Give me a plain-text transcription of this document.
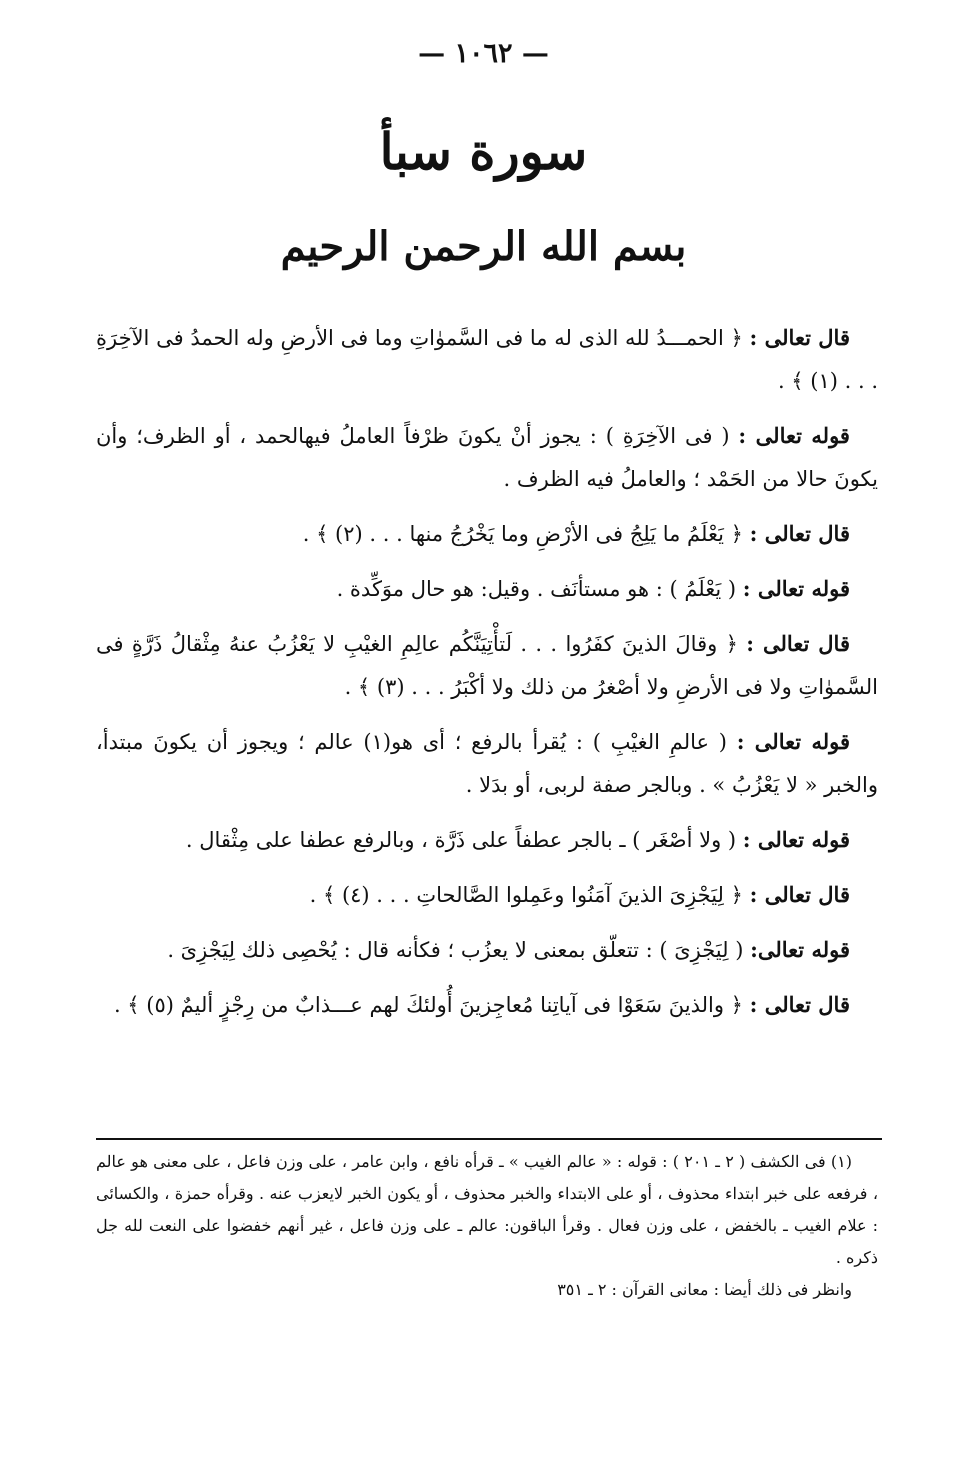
— ١٠٦٢ —
سورة سبأ
بسم الله الرحمن الرحيم

قال تعالى : ﴿ الحمـــدُ لله الذى له ما فى السَّموٰاتِ وما فى الأرضِ وله الحمدُ فى الآخِرَةِ . . . (١) ﴾ .

قوله تعالى : ( فى الآخِرَةِ ) : يجوز أنْ يكونَ ظرْفاً العاملُ فيهالحمد ، أو الظرف؛ وأن يكونَ حالا من الحَمْد ؛ والعاملُ فيه الظرف .

قال تعالى : ﴿ يَعْلَمُ ما يَلِجُ فى الأرْضِ وما يَخْرُجُ منها . . . (٢) ﴾ .

قوله تعالى : ( يَعْلَمُ ) : هو مستأنَف . وقيل: هو حال موَكِّدة .

قال تعالى : ﴿ وقالَ الذينَ كفَرُوا . . . لَتأْتِيَنَّكُم عالِمِ الغيْبِ لا يَعْزُبُ عنهُ مِثْقالُ ذَرَّةٍ فى السَّموٰاتِ ولا فى الأرضِ ولا أصْغرُ من ذلك ولا أكْبَرُ . . . (٣) ﴾ .

قوله تعالى : ( عالمِ الغيْبِ ) : يُقرأ بالرفع ؛ أى هو(١) عالم ؛ ويجوز أن يكونَ مبتدأ، والخبر « لا يَعْزُبُ » . وبالجر صفة لربى، أو بدَلا .

قوله تعالى : ( ولا أصْغَر ) ـ بالجر عطفاً على ذَرَّة ، وبالرفع عطفا على مِثْقال .

قال تعالى : ﴿ لِيَجْزِىَ الذينَ آمَنُوا وعَمِلوا الصَّالحاتِ . . . (٤) ﴾ .

قوله تعالى: ( لِيَجْزِىَ ) : تتعلّق بمعنى لا يعزُب ؛ فكأنه قال : يُحْصِى ذلك لِيَجْزِىَ .

قال تعالى : ﴿ والذينَ سَعَوْا فى آياتِنا مُعاجِزينَ أُولئكَ لهم عـــذابٌ من رِجْزٍ أليمٌ (٥) ﴾ .

(١) فى الكشف ( ٢ ـ ٢٠١ ) : قوله : « عالم الغيب » ـ قرأه نافع ، وابن عامر ، على وزن فاعل ، على معنى هو عالم ، فرفعه على خبر ابتداء محذوف ، أو على الابتداء والخبر محذوف ، أو يكون الخبر لايعزب عنه . وقرأه حمزة ، والكسائى : علام الغيب ـ بالخفض ، على وزن فعال . وقرأ الباقون: عالم ـ على وزن فاعل ، غير أنهم خفضوا على النعت لله جل ذكره .

وانظر فى ذلك أيضا : معانى القرآن : ٢ ـ ٣٥١
